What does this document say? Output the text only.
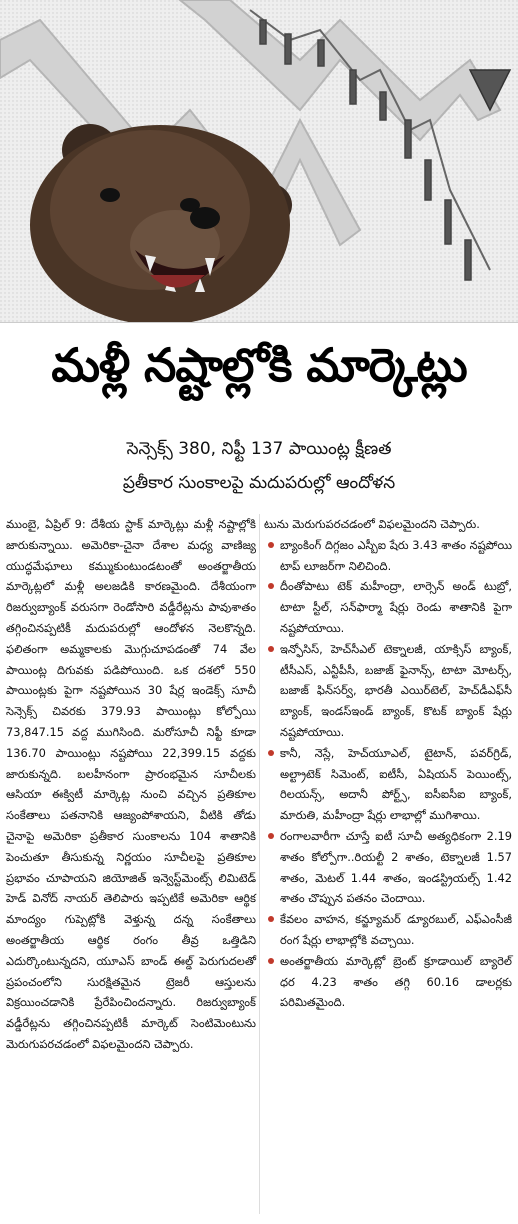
మళ్లీ నష్టాల్లోకి మార్కెట్లు
సెన్సెక్స్‌ 380, నిఫ్టీ 137 పాయింట్ల క్షీణత
ప్రతీకార సుంకాలపై మదుపరుల్లో ఆందోళన

ముంబై, ఏప్రిల్‌ 9: దేశీయ స్టాక్‌ మార్కెట్లు మళ్లీ నష్టాల్లోకి జారుకున్నాయి. అమెరికా-చైనా దేశాల మధ్య వాణిజ్య యుద్ధమేఘాలు కమ్ముకుంటుండటంతో అంతర్జాతీయ మార్కెట్లలో మళ్లీ అలజడికి కారణమైంది. దేశీయంగా రిజర్వుబ్యాంక్‌ వరుసగా రెండోసారి వడ్డీరేట్లను పావుశాతం తగ్గించినప్పటికీ మదుపరుల్లో ఆందోళన నెలకొన్నది. ఫలితంగా అమ్మకాలకు మొగ్గుచూపడంతో 74 వేల పాయింట్ల దిగువకు పడిపోయింది. ఒక దశలో 550 పాయింట్లకు పైగా నష్టపోయిన 30 షేర్ల ఇండెక్స్‌ సూచీ సెన్సెక్స్‌ చివరకు 379.93 పాయింట్లు కోల్పోయి 73,847.15 వద్ద ముగిసింది. మరోసూచీ నిఫ్టీ కూడా 136.70 పాయింట్లు నష్టపోయి 22,399.15 వద్దకు జారుకున్నది. బలహీనంగా ప్రారంభమైన సూచీలకు ఆసియా ఈక్విటీ మార్కెట్ల నుంచి వచ్చిన ప్రతికూల సంకేతాలు పతనానికి ఆజ్యంపోశాయని, వీటికి తోడు చైనాపై అమెరికా ప్రతీకార సుంకాలను 104 శాతానికి పెంచుతూ తీసుకున్న నిర్ణయం సూచీలపై ప్రతికూల ప్రభావం చూపాయని జియోజిత్‌ ఇన్వెస్ట్‌మెంట్స్‌ లిమిటెడ్‌ హెడ్‌ వినోద్‌ నాయర్‌ తెలిపారు ఇప్పటికే అమెరికా ఆర్థిక మాంద్యం గుప్పెట్లోకి వెళ్తున్న దన్న సంకేతాలు అంతర్జాతీయ ఆర్థిక రంగం తీవ్ర ఒత్తిడిని ఎదుర్కొంటున్నదని, యూఎస్‌ బాండ్‌ ఈల్డ్‌ పెరుగుదలతో ప్రపంచంలోని సురక్షితమైన ట్రెజరీ ఆస్తులను విక్రయించడానికి ప్రేరేపించిందన్నారు. రిజర్వుబ్యాంక్‌ వడ్డీరేట్లను తగ్గించినప్పటికీ మార్కెట్‌ సెంటిమెంటును మెరుగుపరచడంలో విఫలమైందని చెప్పారు.

టును మెరుగుపరచడంలో విఫలమైందని చెప్పారు.

బ్యాంకింగ్‌ దిగ్గజం ఎస్బీఐ షేరు 3.43 శాతం నష్టపోయి టాప్‌ లూజర్‌గా నిలిచింది.

దీంతోపాటు టెక్‌ మహీంద్రా, లార్సెన్‌ అండ్‌ టుబ్రో, టాటా స్టీల్‌, సన్‌ఫార్మా షేర్లు రెండు శాతానికి పైగా నష్టపోయాయి.

ఇన్ఫోసిస్‌, హెచ్‌సీఎల్‌ టెక్నాలజీ, యాక్సిస్‌ బ్యాంక్‌, టీసీఎస్‌, ఎన్టీపీసీ, బజాజ్‌ ఫైనాన్స్‌, టాటా మోటర్స్‌, బజాజ్‌ ఫిన్‌సర్వ్‌, భారతీ ఎయిర్‌టెల్‌, హెచ్‌డీఎఫ్‌సీ బ్యాంక్‌, ఇండస్‌ఇండ్‌ బ్యాంక్‌, కొటక్‌ బ్యాంక్‌ షేర్లు నష్టపోయాయి.

కానీ, నెస్లే, హెచ్‌యూఎల్‌, టైటాన్‌, పవర్‌గ్రిడ్‌, అల్ట్రాటెక్‌ సిమెంట్‌, ఐటీసీ, ఏషియన్‌ పెయింట్స్‌, రిలయన్స్‌, అదానీ పోర్ట్స్‌, ఐసీఐసీఐ బ్యాంక్‌, మారుతి, మహీంద్రా షేర్లు లాభాల్లో ముగిశాయి.

రంగాలవారీగా చూస్తే ఐటీ సూచీ అత్యధికంగా 2.19 శాతం కోల్పోగా..రియల్టీ 2 శాతం, టెక్నాలజీ 1.57 శాతం, మెటల్‌ 1.44 శాతం, ఇండస్ట్రియల్స్‌ 1.42 శాతం చొప్పున పతనం చెందాయి.

కేవలం వాహన, కన్జ్యూమర్‌ డ్యూరబుల్‌, ఎఫ్‌ఎంసీజీ రంగ షేర్లు లాభాల్లోకి వచ్చాయి.

అంతర్జాతీయ మార్కెట్లో బ్రెంట్‌ క్రూడాయిల్‌ బ్యారెల్‌ ధర 4.23 శాతం తగ్గి 60.16 డాలర్లకు పరిమితమైంది.
